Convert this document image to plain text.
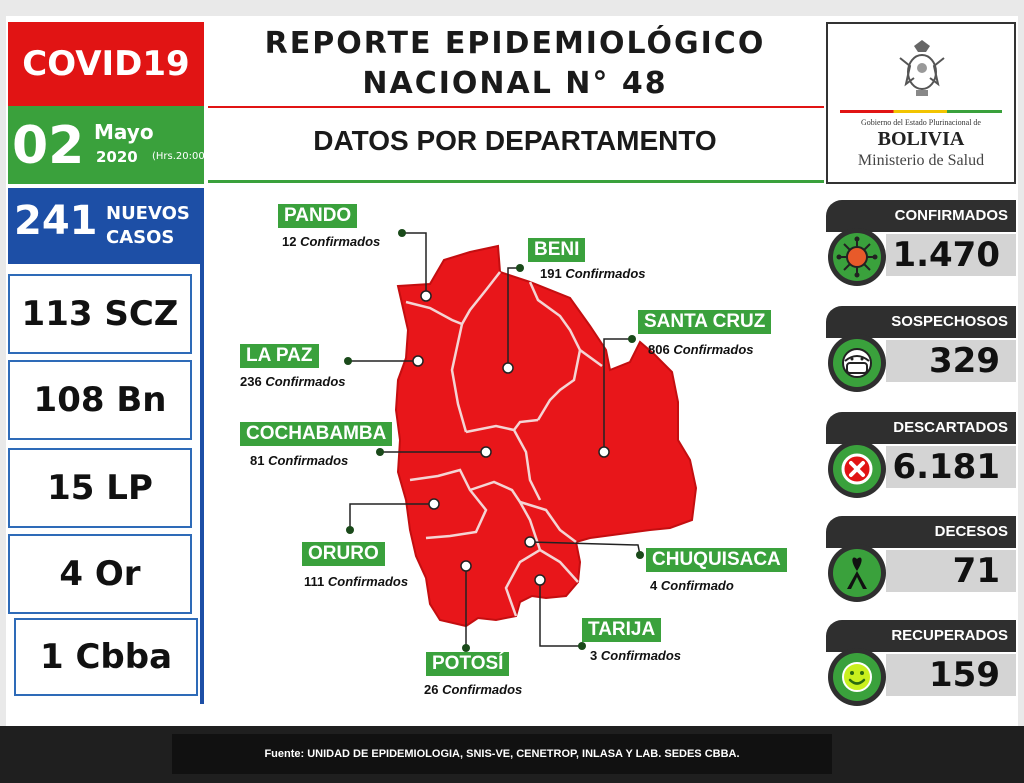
COVID19
02 Mayo
2020 (Hrs.20:00)
241 NUEVOS
CASOS
113 SCZ
108 Bn
15 LP
4 Or
1 Cbba
REPORTE EPIDEMIOLÓGICO
NACIONAL N° 48
DATOS POR DEPARTAMENTO
Gobierno del Estado Plurinacional de
BOLIVIA
Ministerio de Salud
PANDO
12 Confirmados	BENI
191 Confirmados
LA PAZ
236 Confirmados
SANTA CRUZ
806 Confirmados
COCHABAMBA
81 Confirmados
ORURO
111 Confirmados
CHUQUISACA
4 Confirmado
TARIJA
3 Confirmados
POTOSÍ
26 Confirmados
CONFIRMADOS
1.470
SOSPECHOSOS
329
DESCARTADOS
6.181
DECESOS
71
RECUPERADOS
159
Fuente: UNIDAD DE EPIDEMIOLOGIA, SNIS-VE, CENETROP, INLASA Y LAB. SEDES CBBA.
